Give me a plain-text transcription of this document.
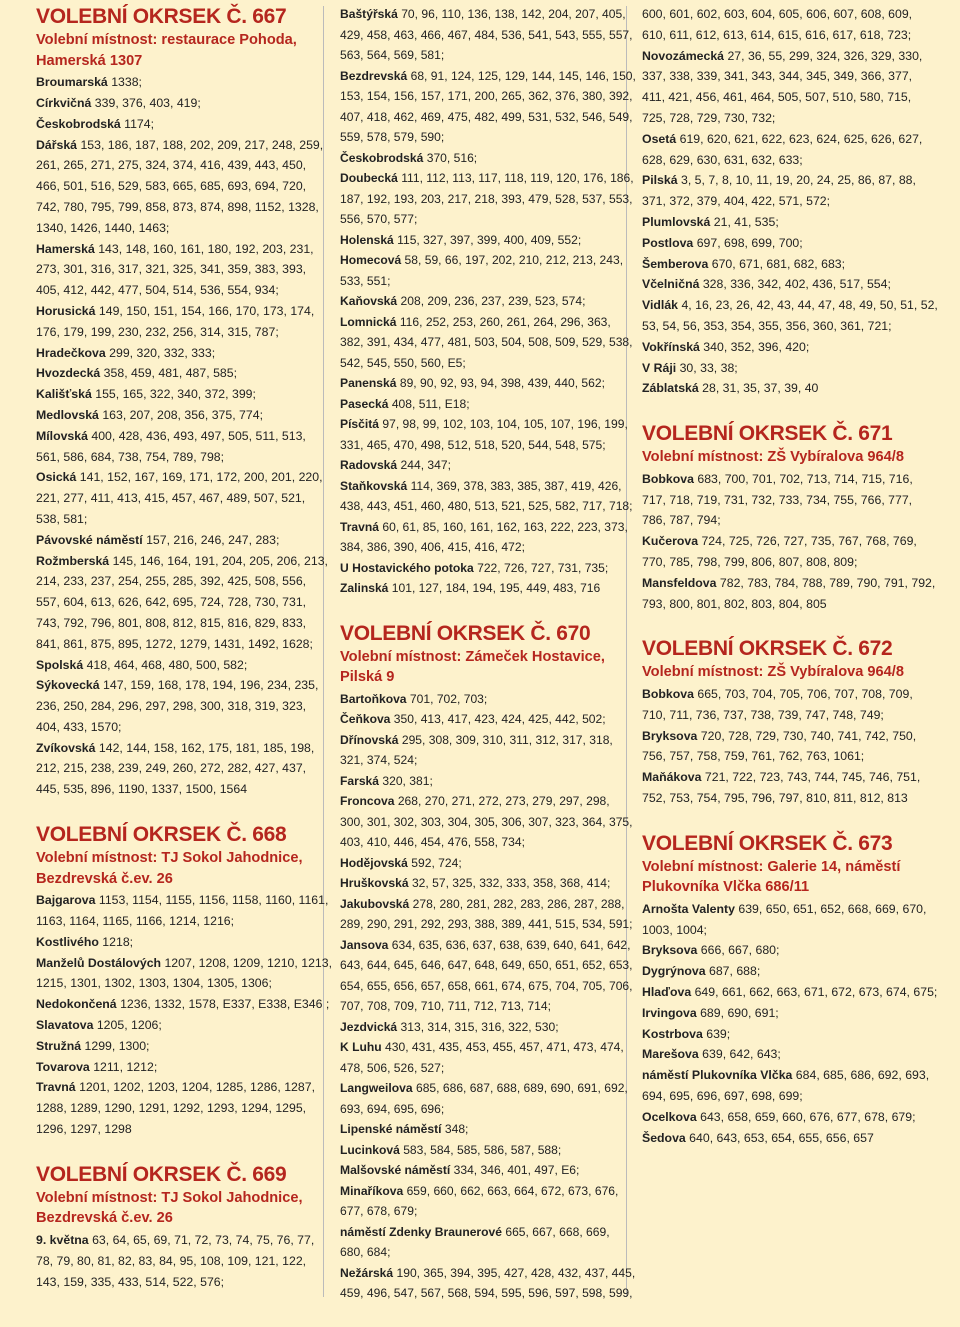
VOLEBNÍ OKRSEK Č. 667
Volební místnost: restaurace Pohoda, Hamerská 1307
Broumarská 1338;
Církvičná 339, 376, 403, 419;
Českobrodská 1174;
Dářská 153, 186, 187, 188, 202, 209, 217, 248, 259, 261, 265, 271, 275, 324, 374, 416, 439, 443, 450, 466, 501, 516, 529, 583, 665, 685, 693, 694, 720, 742, 780, 795, 799, 858, 873, 874, 898, 1152, 1328, 1340, 1426, 1440, 1463;
Hamerská 143, 148, 160, 161, 180, 192, 203, 231, 273, 301, 316, 317, 321, 325, 341, 359, 383, 393, 405, 412, 442, 477, 504, 514, 536, 554, 934;
Horusická 149, 150, 151, 154, 166, 170, 173, 174, 176, 179, 199, 230, 232, 256, 314, 315, 787;
Hradečkova 299, 320, 332, 333;
Hvozdecká 358, 459, 481, 487, 585;
Kališťská 155, 165, 322, 340, 372, 399;
Medlovská 163, 207, 208, 356, 375, 774;
Mílovská 400, 428, 436, 493, 497, 505, 511, 513, 561, 586, 684, 738, 754, 789, 798;
Osická 141, 152, 167, 169, 171, 172, 200, 201, 220, 221, 277, 411, 413, 415, 457, 467, 489, 507, 521, 538, 581;
Pávovské náměstí 157, 216, 246, 247, 283;
Rožmberská 145, 146, 164, 191, 204, 205, 206, 213, 214, 233, 237, 254, 255, 285, 392, 425, 508, 556, 557, 604, 613, 626, 642, 695, 724, 728, 730, 731, 743, 792, 796, 801, 808, 812, 815, 816, 829, 833, 841, 861, 875, 895, 1272, 1279, 1431, 1492, 1628;
Spolská 418, 464, 468, 480, 500, 582;
Sýkovecká 147, 159, 168, 178, 194, 196, 234, 235, 236, 250, 284, 296, 297, 298, 300, 318, 319, 323, 404, 433, 1570;
Zvíkovská 142, 144, 158, 162, 175, 181, 185, 198, 212, 215, 238, 239, 249, 260, 272, 282, 427, 437, 445, 535, 896, 1190, 1337, 1500, 1564
VOLEBNÍ OKRSEK Č. 668
Volební místnost: TJ Sokol Jahodnice, Bezdrevská č.ev. 26
Bajgarova 1153, 1154, 1155, 1156, 1158, 1160, 1161, 1163, 1164, 1165, 1166, 1214, 1216;
Kostlivého 1218;
Manželů Dostálových 1207, 1208, 1209, 1210, 1213, 1215, 1301, 1302, 1303, 1304, 1305, 1306;
Nedokončená 1236, 1332, 1578, E337, E338, E346 ;
Slavatova 1205, 1206;
Stružná 1299, 1300;
Tovarova 1211, 1212;
Travná 1201, 1202, 1203, 1204, 1285, 1286, 1287, 1288, 1289, 1290, 1291, 1292, 1293, 1294, 1295, 1296, 1297, 1298
VOLEBNÍ OKRSEK Č. 669
Volební místnost: TJ Sokol Jahodnice, Bezdrevská č.ev. 26
9. května 63, 64, 65, 69, 71, 72, 73, 74, 75, 76, 77, 78, 79, 80, 81, 82, 83, 84, 95, 108, 109, 121, 122, 143, 159, 335, 433, 514, 522, 576;
Baštýřská 70, 96, 110, 136, 138, 142, 204, 207, 405, 429, 458, 463, 466, 467, 484, 536, 541, 543, 555, 557, 563, 564, 569, 581;
Bezdrevská 68, 91, 124, 125, 129, 144, 145, 146, 150, 153, 154, 156, 157, 171, 200, 265, 362, 376, 380, 392, 407, 418, 462, 469, 475, 482, 499, 531, 532, 546, 549, 559, 578, 579, 590;
Českobrodská 370, 516;
Doubecká 111, 112, 113, 117, 118, 119, 120, 176, 186, 187, 192, 193, 203, 217, 218, 393, 479, 528, 537, 553, 556, 570, 577;
Holenská 115, 327, 397, 399, 400, 409, 552;
Homecová 58, 59, 66, 197, 202, 210, 212, 213, 243, 533, 551;
Kaňovská 208, 209, 236, 237, 239, 523, 574;
Lomnická 116, 252, 253, 260, 261, 264, 296, 363, 382, 391, 434, 477, 481, 503, 504, 508, 509, 529, 538, 542, 545, 550, 560, E5;
Panenská 89, 90, 92, 93, 94, 398, 439, 440, 562;
Pasecká 408, 511, E18;
Písčitá 97, 98, 99, 102, 103, 104, 105, 107, 196, 199, 331, 465, 470, 498, 512, 518, 520, 544, 548, 575;
Radovská 244, 347;
Staňkovská 114, 369, 378, 383, 385, 387, 419, 426, 438, 443, 451, 460, 480, 513, 521, 525, 582, 717, 718;
Travná 60, 61, 85, 160, 161, 162, 163, 222, 223, 373, 384, 386, 390, 406, 415, 416, 472;
U Hostavického potoka 722, 726, 727, 731, 735;
Zalinská 101, 127, 184, 194, 195, 449, 483, 716
VOLEBNÍ OKRSEK Č. 670
Volební místnost: Zámeček Hostavice, Pilská 9
Bartoňkova 701, 702, 703;
Čeňkova 350, 413, 417, 423, 424, 425, 442, 502;
Dřínovská 295, 308, 309, 310, 311, 312, 317, 318, 321, 374, 524;
Farská 320, 381;
Froncova 268, 270, 271, 272, 273, 279, 297, 298, 300, 301, 302, 303, 304, 305, 306, 307, 323, 364, 375, 403, 410, 446, 454, 476, 558, 734;
Hodějovská 592, 724;
Hruškovská 32, 57, 325, 332, 333, 358, 368, 414;
Jakubovská 278, 280, 281, 282, 283, 286, 287, 288, 289, 290, 291, 292, 293, 388, 389, 441, 515, 534, 591;
Jansova 634, 635, 636, 637, 638, 639, 640, 641, 642, 643, 644, 645, 646, 647, 648, 649, 650, 651, 652, 653, 654, 655, 656, 657, 658, 661, 674, 675, 704, 705, 706, 707, 708, 709, 710, 711, 712, 713, 714;
Jezdvická 313, 314, 315, 316, 322, 530;
K Luhu 430, 431, 435, 453, 455, 457, 471, 473, 474, 478, 506, 526, 527;
Langweilova 685, 686, 687, 688, 689, 690, 691, 692, 693, 694, 695, 696;
Lipenské náměstí 348;
Lucinková 583, 584, 585, 586, 587, 588;
Malšovské náměstí 334, 346, 401, 497, E6;
Minaříkova 659, 660, 662, 663, 664, 672, 673, 676, 677, 678, 679;
náměstí Zdenky Braunerové 665, 667, 668, 669, 680, 684;
Nežárská 190, 365, 394, 395, 427, 428, 432, 437, 445, 459, 496, 547, 567, 568, 594, 595, 596, 597, 598, 599,
600, 601, 602, 603, 604, 605, 606, 607, 608, 609, 610, 611, 612, 613, 614, 615, 616, 617, 618, 723;
Novozámecká 27, 36, 55, 299, 324, 326, 329, 330, 337, 338, 339, 341, 343, 344, 345, 349, 366, 377, 411, 421, 456, 461, 464, 505, 507, 510, 580, 715, 725, 728, 729, 730, 732;
Osetá 619, 620, 621, 622, 623, 624, 625, 626, 627, 628, 629, 630, 631, 632, 633;
Pilská 3, 5, 7, 8, 10, 11, 19, 20, 24, 25, 86, 87, 88, 371, 372, 379, 404, 422, 571, 572;
Plumlovská 21, 41, 535;
Postlova 697, 698, 699, 700;
Šemberova 670, 671, 681, 682, 683;
Včelničná 328, 336, 342, 402, 436, 517, 554;
Vidlák 4, 16, 23, 26, 42, 43, 44, 47, 48, 49, 50, 51, 52, 53, 54, 56, 353, 354, 355, 356, 360, 361, 721;
Vokřínská 340, 352, 396, 420;
V Ráji 30, 33, 38;
Záblatská 28, 31, 35, 37, 39, 40
VOLEBNÍ OKRSEK Č. 671
Volební místnost: ZŠ Vybíralova 964/8
Bobkova 683, 700, 701, 702, 713, 714, 715, 716, 717, 718, 719, 731, 732, 733, 734, 755, 766, 777, 786, 787, 794;
Kučerova 724, 725, 726, 727, 735, 767, 768, 769, 770, 785, 798, 799, 806, 807, 808, 809;
Mansfeldova 782, 783, 784, 788, 789, 790, 791, 792, 793, 800, 801, 802, 803, 804, 805
VOLEBNÍ OKRSEK Č. 672
Volební místnost: ZŠ Vybíralova 964/8
Bobkova 665, 703, 704, 705, 706, 707, 708, 709, 710, 711, 736, 737, 738, 739, 747, 748, 749;
Bryksova 720, 728, 729, 730, 740, 741, 742, 750, 756, 757, 758, 759, 761, 762, 763, 1061;
Maňákova 721, 722, 723, 743, 744, 745, 746, 751, 752, 753, 754, 795, 796, 797, 810, 811, 812, 813
VOLEBNÍ OKRSEK Č. 673
Volební místnost: Galerie 14, náměstí Plukovníka Vlčka 686/11
Arnošta Valenty 639, 650, 651, 652, 668, 669, 670, 1003, 1004;
Bryksova 666, 667, 680;
Dygrýnova 687, 688;
Hlaďova 649, 661, 662, 663, 671, 672, 673, 674, 675;
Irvingova 689, 690, 691;
Kostrbova 639;
Marešova 639, 642, 643;
náměstí Plukovníka Vlčka 684, 685, 686, 692, 693, 694, 695, 696, 697, 698, 699;
Ocelkova 643, 658, 659, 660, 676, 677, 678, 679;
Šedova 640, 643, 653, 654, 655, 656, 657
